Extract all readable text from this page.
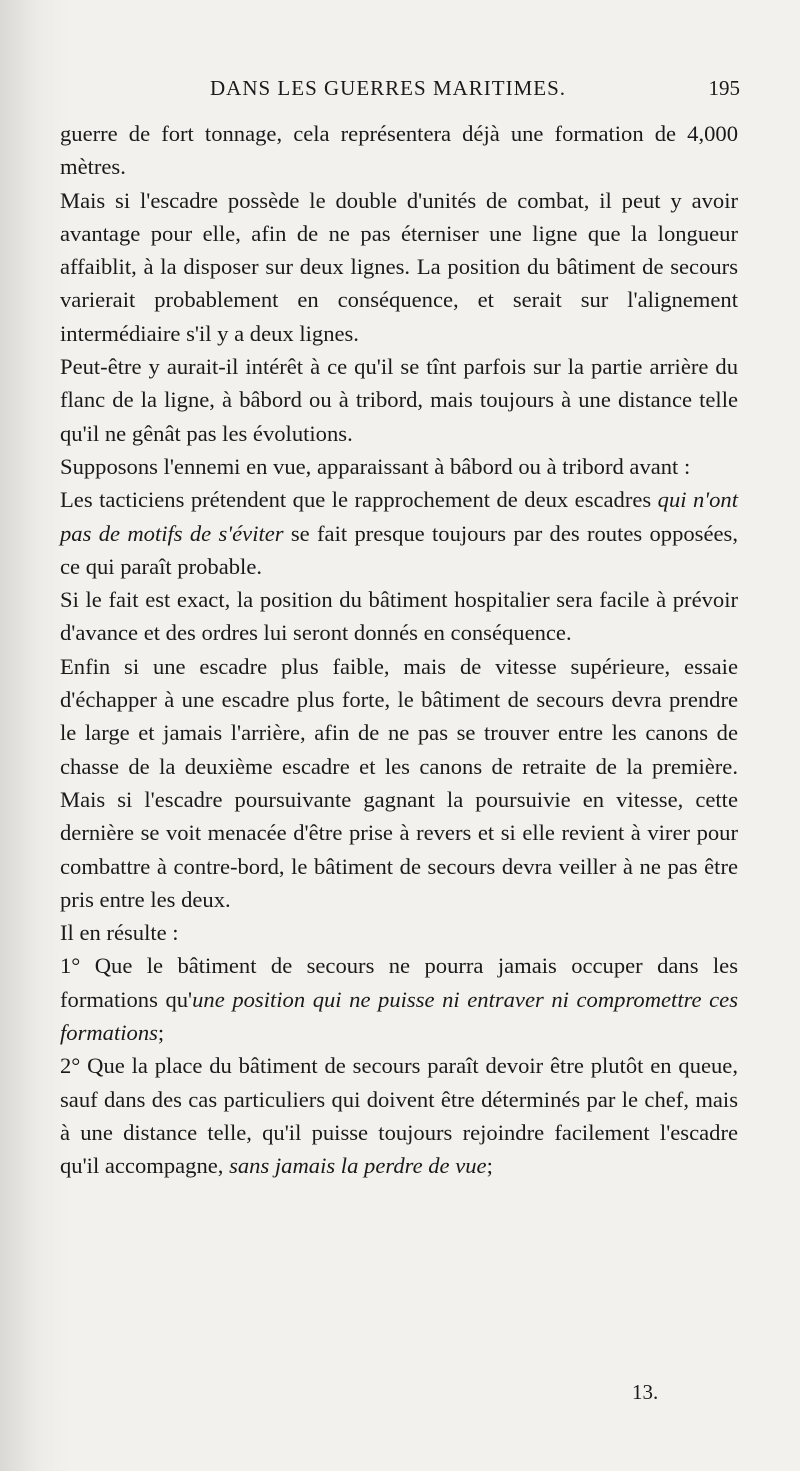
DANS LES GUERRES MARITIMES.	195

guerre de fort tonnage, cela représentera déjà une formation de 4,000 mètres.

Mais si l'escadre possède le double d'unités de combat, il peut y avoir avantage pour elle, afin de ne pas éterniser une ligne que la longueur affaiblit, à la disposer sur deux lignes. La position du bâtiment de secours varierait probablement en conséquence, et serait sur l'alignement intermédiaire s'il y a deux lignes.

Peut-être y aurait-il intérêt à ce qu'il se tînt parfois sur la partie arrière du flanc de la ligne, à bâbord ou à tribord, mais toujours à une distance telle qu'il ne gênât pas les évolutions.

Supposons l'ennemi en vue, apparaissant à bâbord ou à tribord avant :

Les tacticiens prétendent que le rapprochement de deux escadres qui n'ont pas de motifs de s'éviter se fait presque toujours par des routes opposées, ce qui paraît probable.

Si le fait est exact, la position du bâtiment hospitalier sera facile à prévoir d'avance et des ordres lui seront donnés en conséquence.

Enfin si une escadre plus faible, mais de vitesse supérieure, essaie d'échapper à une escadre plus forte, le bâtiment de secours devra prendre le large et jamais l'arrière, afin de ne pas se trouver entre les canons de chasse de la deuxième escadre et les canons de retraite de la première. Mais si l'escadre poursuivante gagnant la poursuivie en vitesse, cette dernière se voit menacée d'être prise à revers et si elle revient à virer pour combattre à contre-bord, le bâtiment de secours devra veiller à ne pas être pris entre les deux.

Il en résulte :

1° Que le bâtiment de secours ne pourra jamais occuper dans les formations qu'une position qui ne puisse ni entraver ni compromettre ces formations;

2° Que la place du bâtiment de secours paraît devoir être plutôt en queue, sauf dans des cas particuliers qui doivent être déterminés par le chef, mais à une distance telle, qu'il puisse toujours rejoindre facilement l'escadre qu'il accompagne, sans jamais la perdre de vue;

13.
